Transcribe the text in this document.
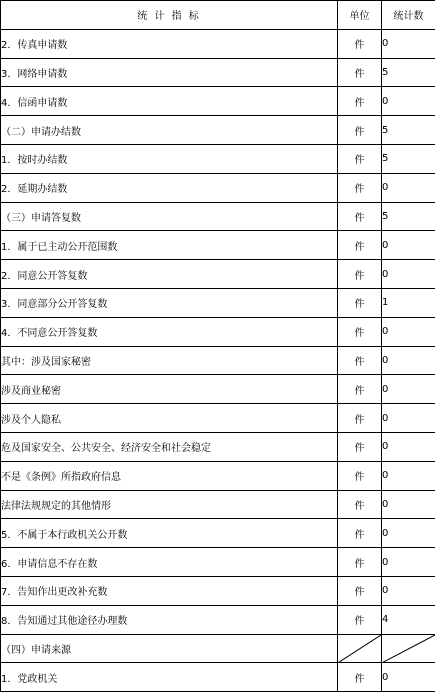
统 计 指 标	单位	统计数
2．传真申请数	件	0
3．网络申请数	件	5
4．信函申请数	件	0
（二）申请办结数	件	5
1．按时办结数	件	5
2．延期办结数	件	0
（三）申请答复数	件	5
1．属于已主动公开范围数	件	0
2．同意公开答复数	件	0
3．同意部分公开答复数	件	1
4．不同意公开答复数	件	0
其中：涉及国家秘密	件	0
涉及商业秘密	件	0
涉及个人隐私	件	0
危及国家安全、公共安全、经济安全和社会稳定	件	0
不是《条例》所指政府信息	件	0
法律法规规定的其他情形	件	0
5．不属于本行政机关公开数	件	0
6．申请信息不存在数	件	0
7．告知作出更改补充数	件	0
8．告知通过其他途径办理数	件	4
（四）申请来源	

1．党政机关	件	0
